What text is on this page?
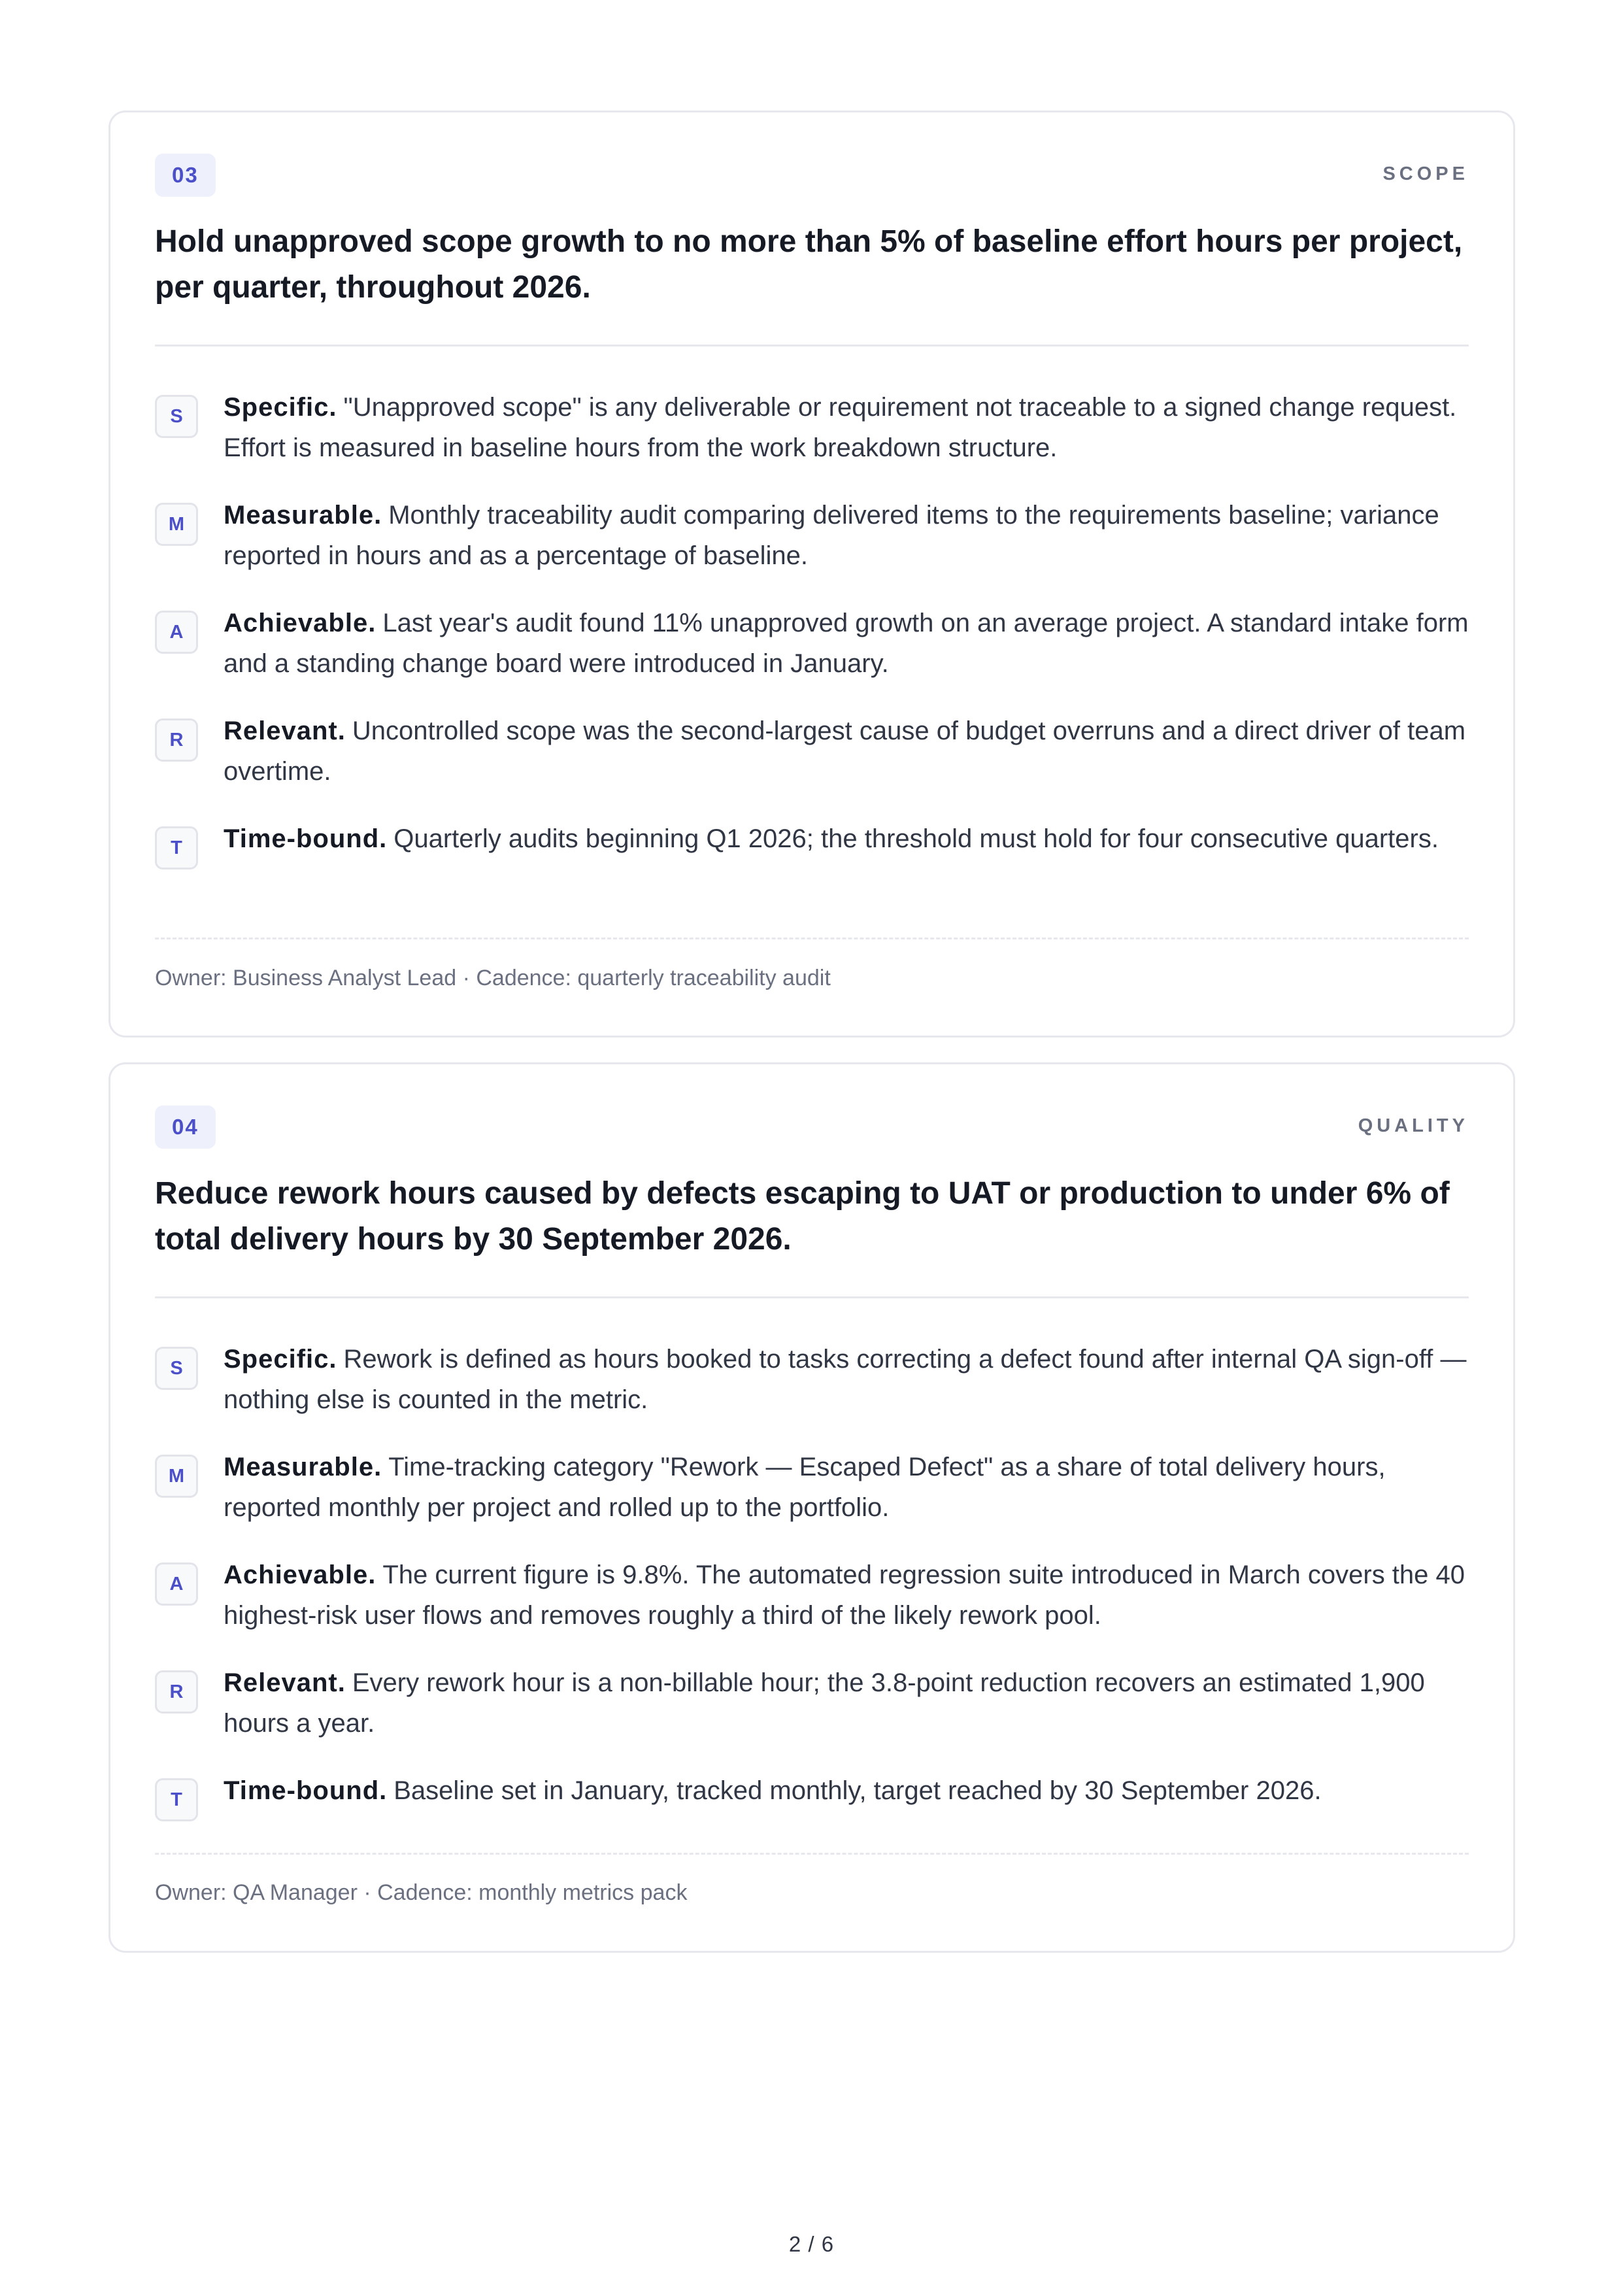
03	SCOPE
Hold unapproved scope growth to no more than 5% of baseline effort hours per project, per quarter, throughout 2026.
S	Specific. "Unapproved scope" is any deliverable or requirement not traceable to a signed change request. Effort is measured in baseline hours from the work breakdown structure.
M	Measurable. Monthly traceability audit comparing delivered items to the requirements baseline; variance reported in hours and as a percentage of baseline.
A	Achievable. Last year's audit found 11% unapproved growth on an average project. A standard intake form and a standing change board were introduced in January.
R	Relevant. Uncontrolled scope was the second-largest cause of budget overruns and a direct driver of team overtime.
T	Time-bound. Quarterly audits beginning Q1 2026; the threshold must hold for four consecutive quarters.
Owner: Business Analyst Lead · Cadence: quarterly traceability audit
04	QUALITY
Reduce rework hours caused by defects escaping to UAT or production to under 6% of total delivery hours by 30 September 2026.
S	Specific. Rework is defined as hours booked to tasks correcting a defect found after internal QA sign-off — nothing else is counted in the metric.
M	Measurable. Time-tracking category "Rework — Escaped Defect" as a share of total delivery hours, reported monthly per project and rolled up to the portfolio.
A	Achievable. The current figure is 9.8%. The automated regression suite introduced in March covers the 40 highest-risk user flows and removes roughly a third of the likely rework pool.
R	Relevant. Every rework hour is a non-billable hour; the 3.8-point reduction recovers an estimated 1,900 hours a year.
T	Time-bound. Baseline set in January, tracked monthly, target reached by 30 September 2026.
Owner: QA Manager · Cadence: monthly metrics pack
2 / 6
